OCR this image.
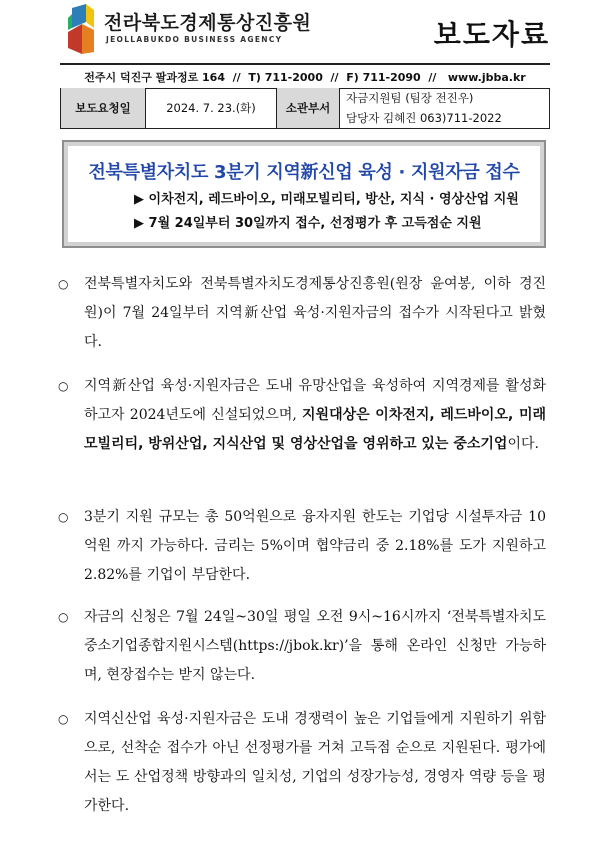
전라북도경제통상진흥원
JEOLLABUKDO BUSINESS AGENCY	보도자료
전주시 덕진구 팔과정로 164  //  T) 711-2000  //  F) 711-2090  //   www.jbba.kr
보도요청일	2024. 7. 23.(화)	소관부서	
자금지원팀 (팀장 전진우)
담당자 김혜진 063)711-2022
전북특별자치도 3분기 지역新신업 육성 · 지원자금 접수
▶ 이차전지, 레드바이오, 미래모빌리티, 방산, 지식 · 영상산업 지원
▶ 7월 24일부터 30일까지 접수, 선정평가 후 고득점순 지원
○ 전북특별자치도와 전북특별자치도경제통상진흥원(원장 윤여봉, 이하 경진원)이 7월 24일부터 지역新산업 육성·지원자금의 접수가 시작된다고 밝혔다.
○ 지역新산업 육성·지원자금은 도내 유망산업을 육성하여 지역경제를 활성화하고자 2024년도에 신설되었으며, 지원대상은 이차전지, 레드바이오, 미래모빌리티, 방위산업, 지식산업 및 영상산업을 영위하고 있는 중소기업이다.
○ 3분기 지원 규모는 총 50억원으로 융자지원 한도는 기업당 시설투자금 10억원 까지 가능하다. 금리는 5%이며 협약금리 중 2.18%를 도가 지원하고 2.82%를 기업이 부담한다.
○ 자금의 신청은 7월 24일~30일 평일 오전 9시~16시까지 ‘전북특별자치도 중소기업종합지원시스템(https://jbok.kr)’을 통해 온라인 신청만 가능하며, 현장접수는 받지 않는다.
○ 지역신산업 육성·지원자금은 도내 경쟁력이 높은 기업들에게 지원하기 위함으로, 선착순 접수가 아닌 선정평가를 거쳐 고득점 순으로 지원된다. 평가에서는 도 산업정책 방향과의 일치성, 기업의 성장가능성, 경영자 역량 등을 평가한다.
